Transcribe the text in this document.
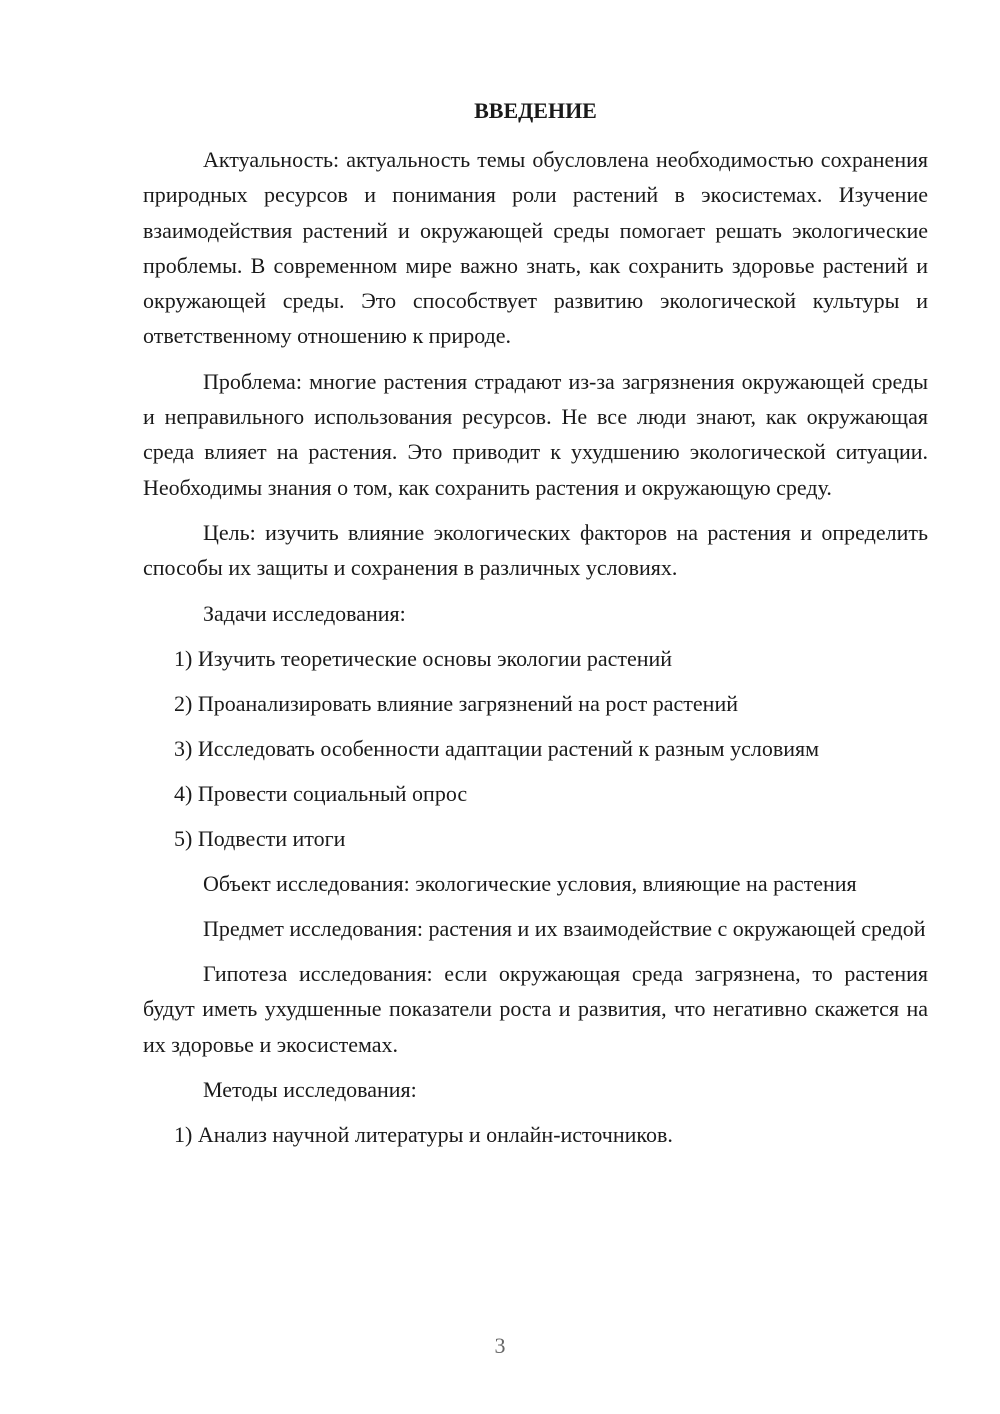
ВВЕДЕНИЕ

Актуальность: актуальность темы обусловлена необходимостью сохранения природных ресурсов и понимания роли растений в экосистемах. Изучение взаимодействия растений и окружающей среды помогает решать экологические проблемы. В современном мире важно знать, как сохранить здоровье растений и окружающей среды. Это способствует развитию экологической культуры и ответственному отношению к природе.

Проблема: многие растения страдают из-за загрязнения окружающей среды и неправильного использования ресурсов. Не все люди знают, как окружающая среда влияет на растения. Это приводит к ухудшению экологической ситуации. Необходимы знания о том, как сохранить растения и окружающую среду.

Цель: изучить влияние экологических факторов на растения и определить способы их защиты и сохранения в различных условиях.

Задачи исследования:

1) Изучить теоретические основы экологии растений

2) Проанализировать влияние загрязнений на рост растений

3) Исследовать особенности адаптации растений к разным условиям

4) Провести социальный опрос

5) Подвести итоги

Объект исследования: экологические условия, влияющие на растения

Предмет исследования: растения и их взаимодействие с окружающей средой

Гипотеза исследования: если окружающая среда загрязнена, то растения будут иметь ухудшенные показатели роста и развития, что негативно скажется на их здоровье и экосистемах.

Методы исследования:

1) Анализ научной литературы и онлайн-источников.

3
